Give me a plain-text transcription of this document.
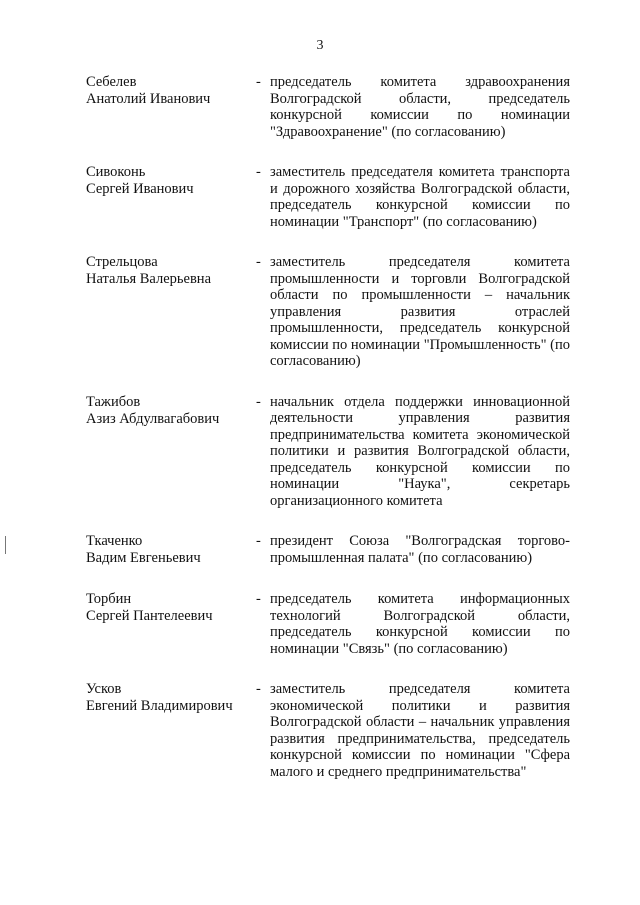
3
Себелев
Анатолий Иванович
- председатель комитета здравоохранения Волгоградской области, председатель конкурсной комиссии по номинации "Здравоохранение" (по согласованию)
Сивоконь
Сергей Иванович
- заместитель председателя комитета транспорта и дорожного хозяйства Волгоградской области, председатель конкурсной комиссии по номинации "Транспорт" (по согласованию)
Стрельцова
Наталья Валерьевна
- заместитель председателя комитета промышленности и торговли Волгоградской области по промышленности – начальник управления развития отраслей промышленности, председатель конкурсной комиссии по номинации "Промышленность" (по согласованию)
Тажибов
Азиз Абдулвагабович
- начальник отдела поддержки инновационной деятельности управления развития предпринимательства комитета экономической политики и развития Волгоградской области, председатель конкурсной комиссии по номинации "Наука", секретарь организационного комитета
Ткаченко
Вадим Евгеньевич
- президент Союза "Волгоградская торгово-промышленная палата" (по согласованию)
Торбин
Сергей Пантелеевич
- председатель комитета информационных технологий Волгоградской области, председатель конкурсной комиссии по номинации "Связь" (по согласованию)
Усков
Евгений Владимирович
- заместитель председателя комитета экономической политики и развития Волгоградской области – начальник управления развития предпринимательства, председатель конкурсной комиссии по номинации "Сфера малого и среднего предпринимательства"
